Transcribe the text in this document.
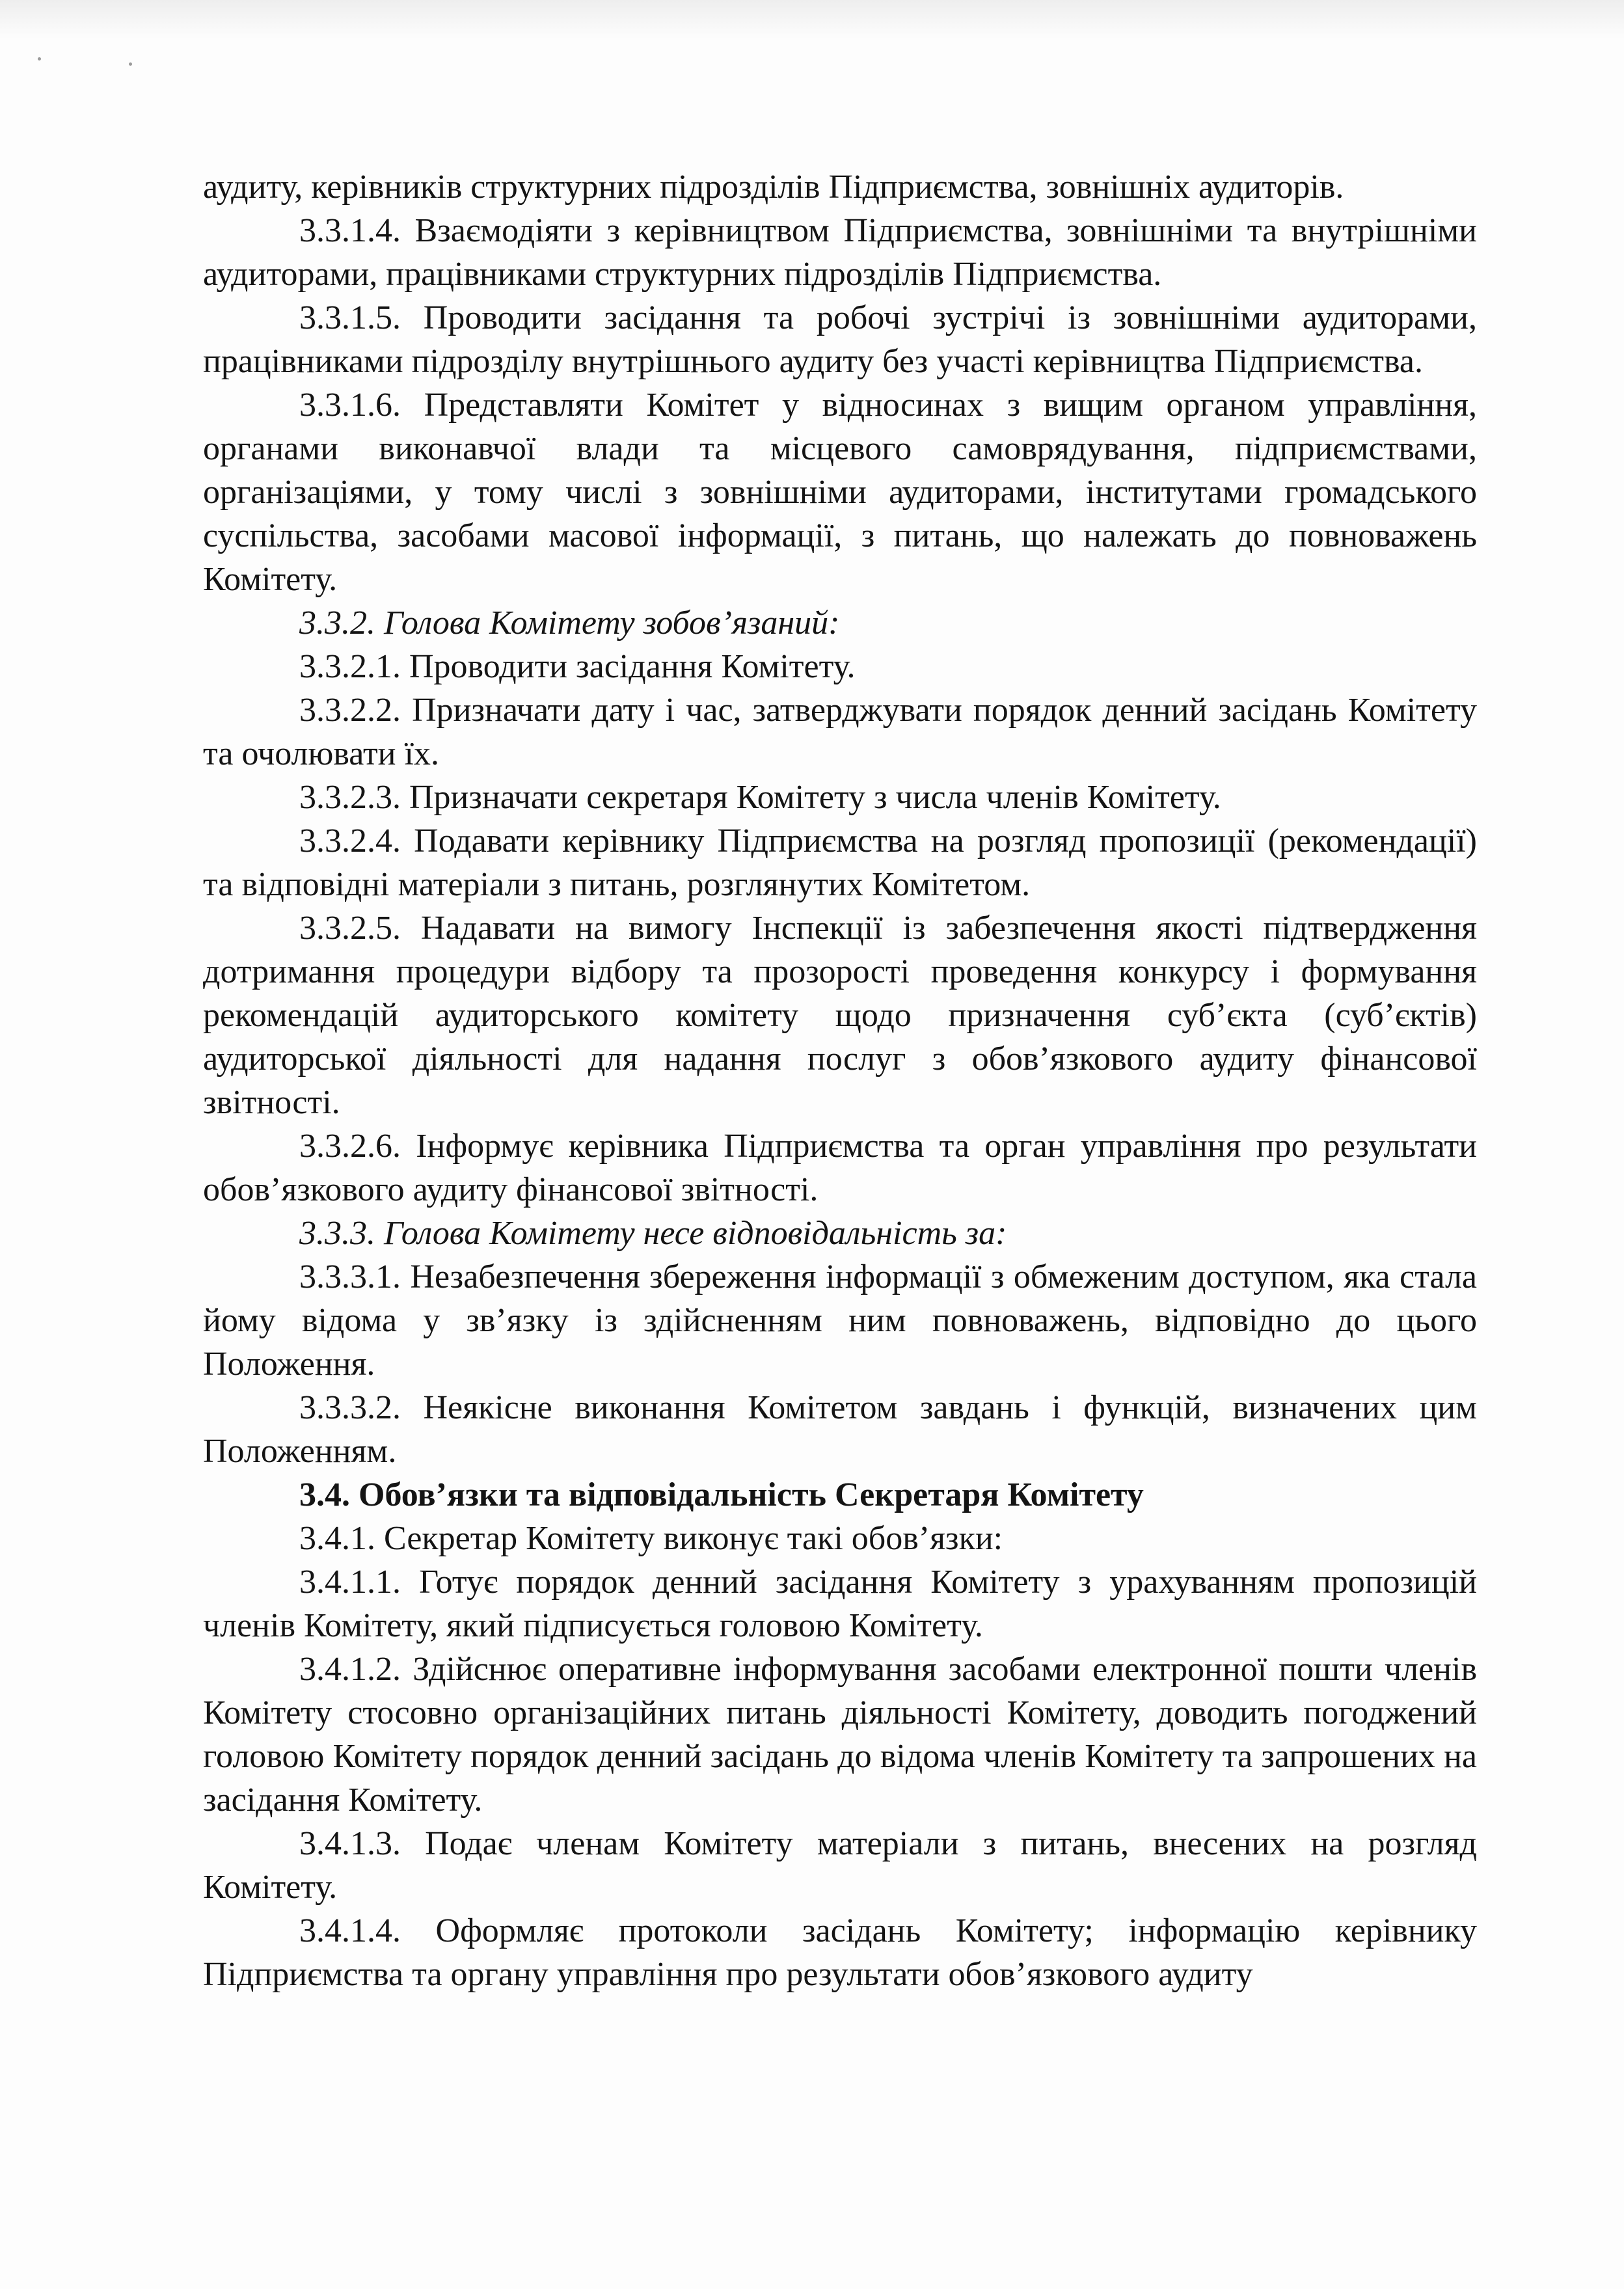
аудиту, керівників структурних підрозділів Підприємства, зовнішніх аудиторів.

3.3.1.4. Взаємодіяти з керівництвом Підприємства, зовнішніми та внутрішніми аудиторами, працівниками структурних підрозділів Підприємства.

3.3.1.5. Проводити засідання та робочі зустрічі із зовнішніми аудиторами, працівниками підрозділу внутрішнього аудиту без участі керівництва Підприємства.

3.3.1.6. Представляти Комітет у відносинах з вищим органом управління, органами виконавчої влади та місцевого самоврядування, підприємствами, організаціями, у тому числі з зовнішніми аудиторами, інститутами громадського суспільства, засобами масової інформації, з питань, що належать до повноважень Комітету.

3.3.2. Голова Комітету зобов’язаний:

3.3.2.1. Проводити засідання Комітету.

3.3.2.2. Призначати дату і час, затверджувати порядок денний засідань Комітету та очолювати їх.

3.3.2.3. Призначати секретаря Комітету з числа членів Комітету.

3.3.2.4. Подавати керівнику Підприємства на розгляд пропозиції (рекомендації) та відповідні матеріали з питань, розглянутих Комітетом.

3.3.2.5. Надавати на вимогу Інспекції із забезпечення якості підтвердження дотримання процедури відбору та прозорості проведення конкурсу і формування рекомендацій аудиторського комітету щодо призначення суб’єкта (суб’єктів) аудиторської діяльності для надання послуг з обов’язкового аудиту фінансової звітності.

3.3.2.6. Інформує керівника Підприємства та орган управління про результати обов’язкового аудиту фінансової звітності.

3.3.3. Голова Комітету несе відповідальність за:

3.3.3.1. Незабезпечення збереження інформації з обмеженим доступом, яка стала йому відома у зв’язку із здійсненням ним повноважень, відповідно до цього Положення.

3.3.3.2. Неякісне виконання Комітетом завдань і функцій, визначених цим Положенням.

3.4. Обов’язки та відповідальність Секретаря Комітету

3.4.1. Секретар Комітету виконує такі обов’язки:

3.4.1.1. Готує порядок денний засідання Комітету з урахуванням пропозицій членів Комітету, який підписується головою Комітету.

3.4.1.2. Здійснює оперативне інформування засобами електронної пошти членів Комітету стосовно організаційних питань діяльності Комітету, доводить погоджений головою Комітету порядок денний засідань до відома членів Комітету та запрошених на засідання Комітету.

3.4.1.3. Подає членам Комітету матеріали з питань, внесених на розгляд Комітету.

3.4.1.4. Оформляє протоколи засідань Комітету; інформацію керівнику Підприємства та органу управління про результати обов’язкового аудиту
